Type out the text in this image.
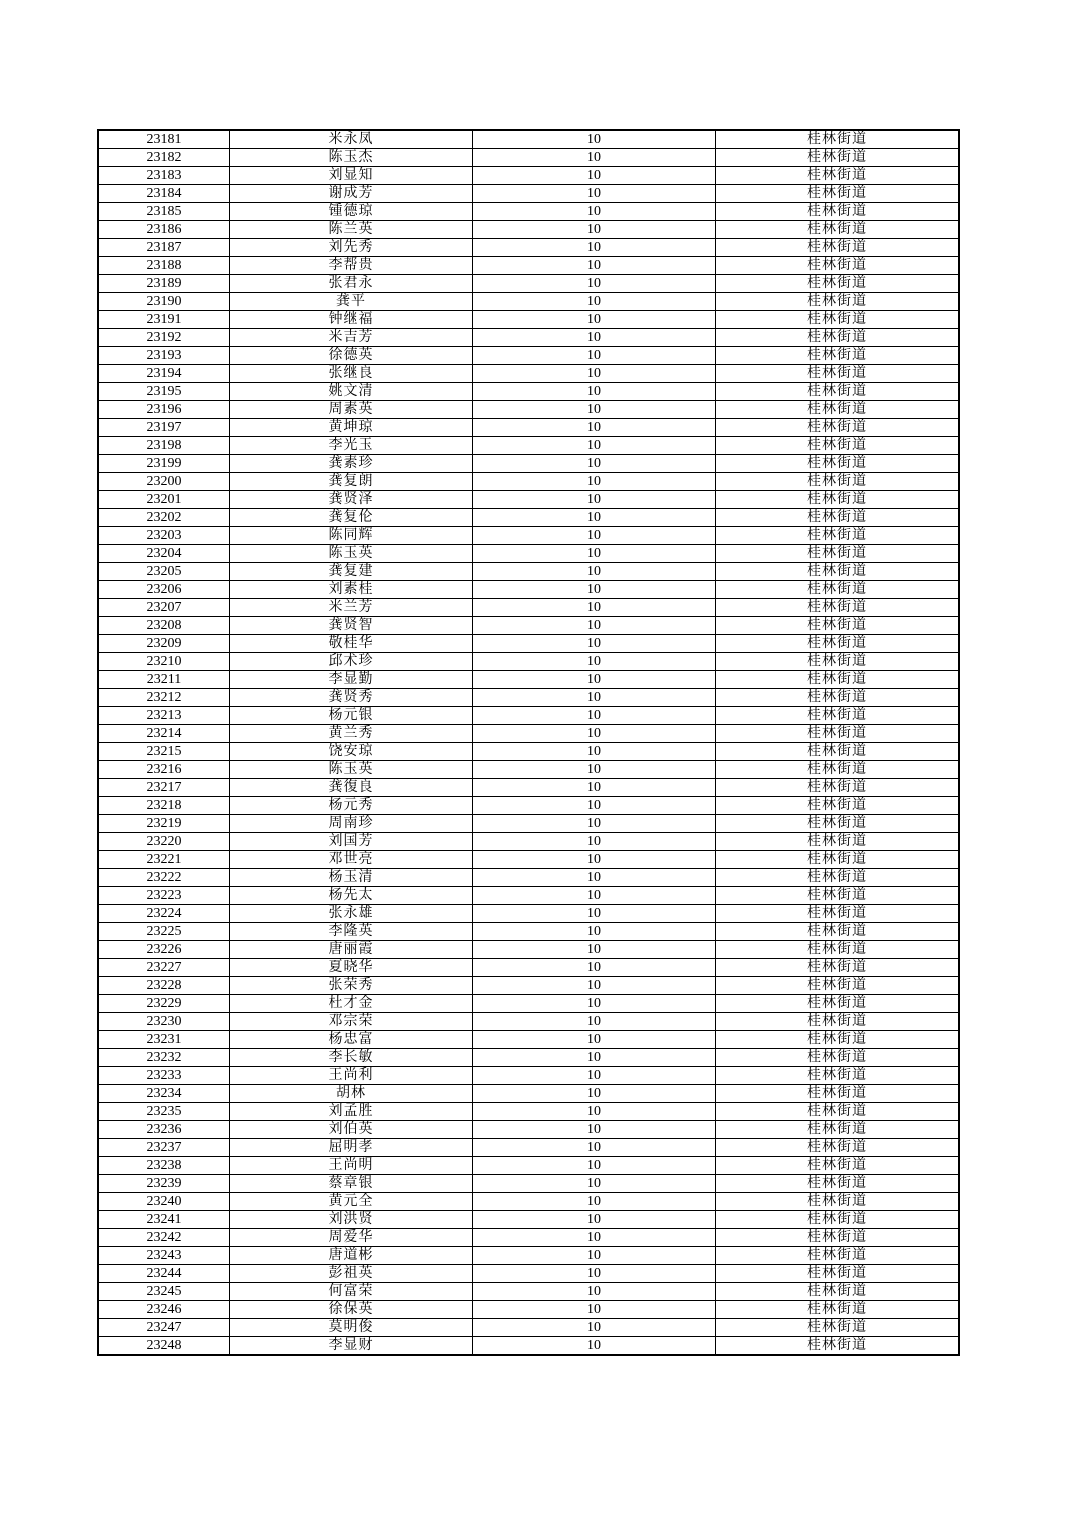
23181	米永凤	10	桂林街道
23182	陈玉杰	10	桂林街道
23183	刘显知	10	桂林街道
23184	谢成芳	10	桂林街道
23185	锺德琼	10	桂林街道
23186	陈兰英	10	桂林街道
23187	刘先秀	10	桂林街道
23188	李帮贵	10	桂林街道
23189	张君永	10	桂林街道
23190	龚平	10	桂林街道
23191	钟继福	10	桂林街道
23192	米吉芳	10	桂林街道
23193	徐德英	10	桂林街道
23194	张继良	10	桂林街道
23195	姚文清	10	桂林街道
23196	周素英	10	桂林街道
23197	黄坤琼	10	桂林街道
23198	李光玉	10	桂林街道
23199	龚素珍	10	桂林街道
23200	龚复朗	10	桂林街道
23201	龚贤泽	10	桂林街道
23202	龚复伦	10	桂林街道
23203	陈同辉	10	桂林街道
23204	陈玉英	10	桂林街道
23205	龚复建	10	桂林街道
23206	刘素桂	10	桂林街道
23207	米兰芳	10	桂林街道
23208	龚贤智	10	桂林街道
23209	敬桂华	10	桂林街道
23210	邱术珍	10	桂林街道
23211	李显勤	10	桂林街道
23212	龚贤秀	10	桂林街道
23213	杨元银	10	桂林街道
23214	黄兰秀	10	桂林街道
23215	饶安琼	10	桂林街道
23216	陈玉英	10	桂林街道
23217	龚復良	10	桂林街道
23218	杨元秀	10	桂林街道
23219	周南珍	10	桂林街道
23220	刘国芳	10	桂林街道
23221	邓世亮	10	桂林街道
23222	杨玉清	10	桂林街道
23223	杨先太	10	桂林街道
23224	张永雄	10	桂林街道
23225	李隆英	10	桂林街道
23226	唐丽霞	10	桂林街道
23227	夏晓华	10	桂林街道
23228	张荣秀	10	桂林街道
23229	杜才金	10	桂林街道
23230	邓宗荣	10	桂林街道
23231	杨忠富	10	桂林街道
23232	李长敏	10	桂林街道
23233	王尚利	10	桂林街道
23234	胡林	10	桂林街道
23235	刘孟胜	10	桂林街道
23236	刘伯英	10	桂林街道
23237	屈明孝	10	桂林街道
23238	王尚明	10	桂林街道
23239	蔡章银	10	桂林街道
23240	黄元全	10	桂林街道
23241	刘洪贤	10	桂林街道
23242	周爱华	10	桂林街道
23243	唐道彬	10	桂林街道
23244	彭祖英	10	桂林街道
23245	何富荣	10	桂林街道
23246	徐保英	10	桂林街道
23247	莫明俊	10	桂林街道
23248	李显财	10	桂林街道
